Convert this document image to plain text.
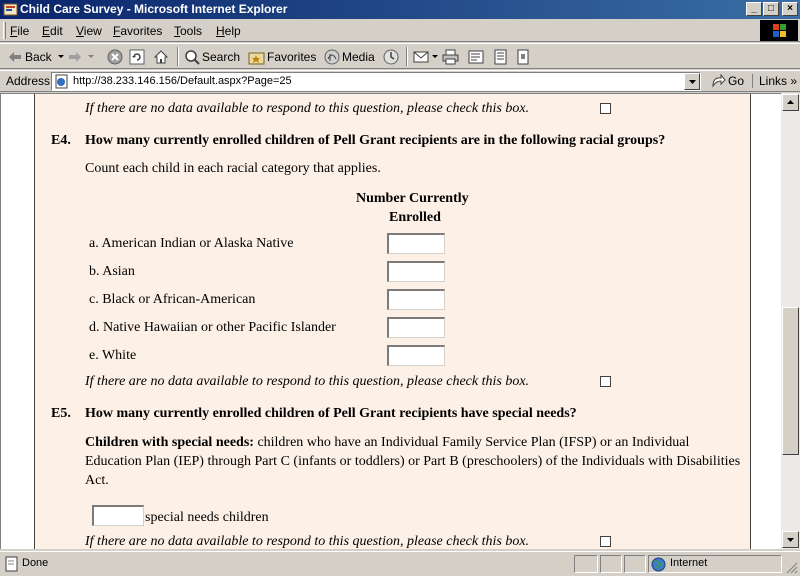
Child Care Survey - Microsoft Internet Explorer	_	□	×
File Edit View Favorites Tools Help
Back	Search Favorites Media
Address http://38.233.146.156/Default.aspx?Page=25	Go	Links »
If there are no data available to respond to this question, please check this box.
E4. How many currently enrolled children of Pell Grant recipients are in the following racial groups?
Count each child in each racial category that applies.
Number Currently
Enrolled
a. American Indian or Alaska Native
b. Asian
c. Black or African-American
d. Native Hawaiian or other Pacific Islander
e. White
If there are no data available to respond to this question, please check this box.
E5. How many currently enrolled children of Pell Grant recipients have special needs?
Children with special needs: children who have an Individual Family Service Plan (IFSP) or an Individual Education Plan (IEP) through Part C (infants or toddlers) or Part B (preschoolers) of the Individuals with Disabilities Act.
special needs children
If there are no data available to respond to this question, please check this box.
Done	Internet
